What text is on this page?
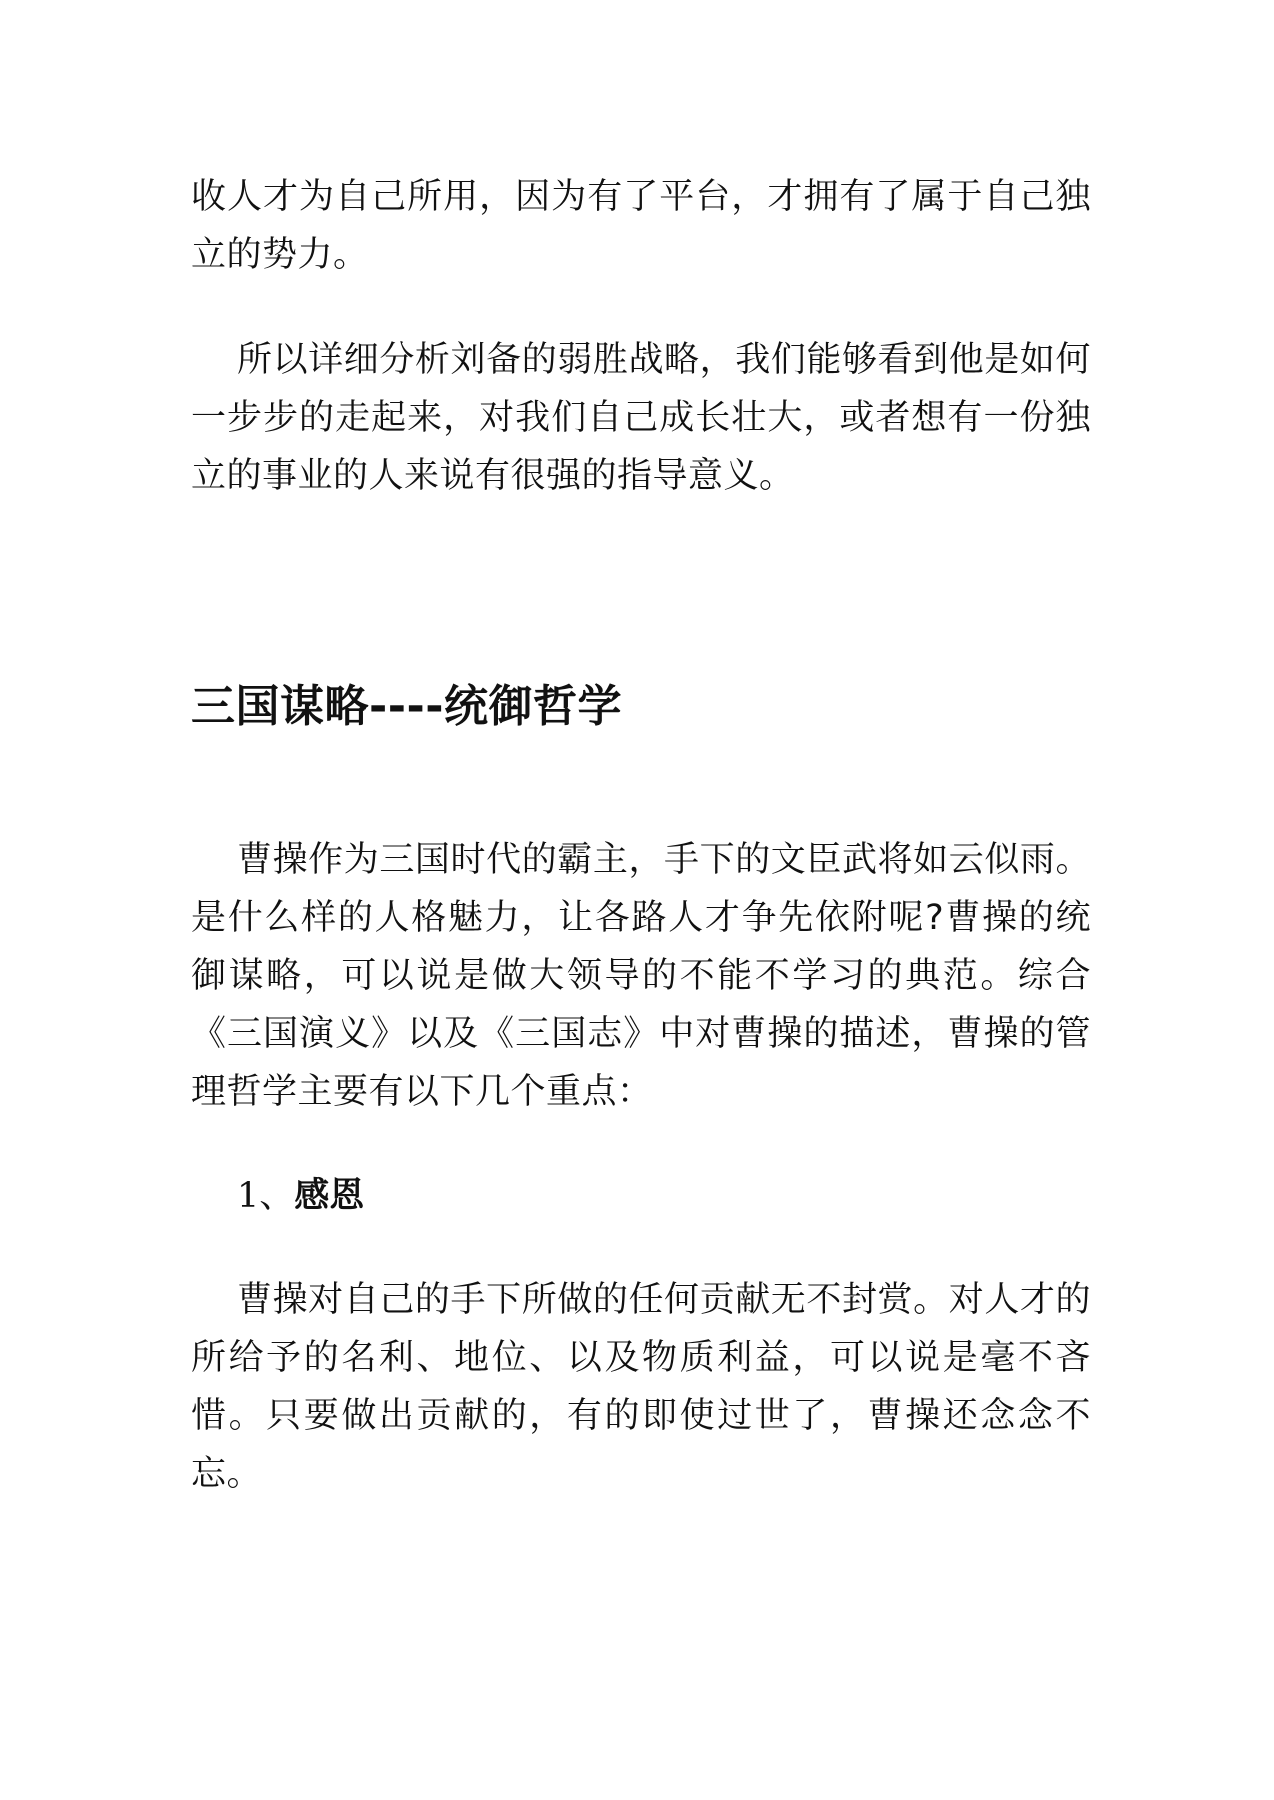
收人才为自己所用，因为有了平台，才拥有了属于自己独立的势力。

所以详细分析刘备的弱胜战略，我们能够看到他是如何一步步的走起来，对我们自己成长壮大，或者想有一份独立的事业的人来说有很强的指导意义。

三国谋略----统御哲学

曹操作为三国时代的霸主，手下的文臣武将如云似雨。是什么样的人格魅力，让各路人才争先依附呢?曹操的统御谋略，可以说是做大领导的不能不学习的典范。综合《三国演义》以及《三国志》中对曹操的描述，曹操的管理哲学主要有以下几个重点：

1、感恩

曹操对自己的手下所做的任何贡献无不封赏。对人才的所给予的名利、地位、以及物质利益，可以说是毫不吝惜。只要做出贡献的，有的即使过世了，曹操还念念不忘。
